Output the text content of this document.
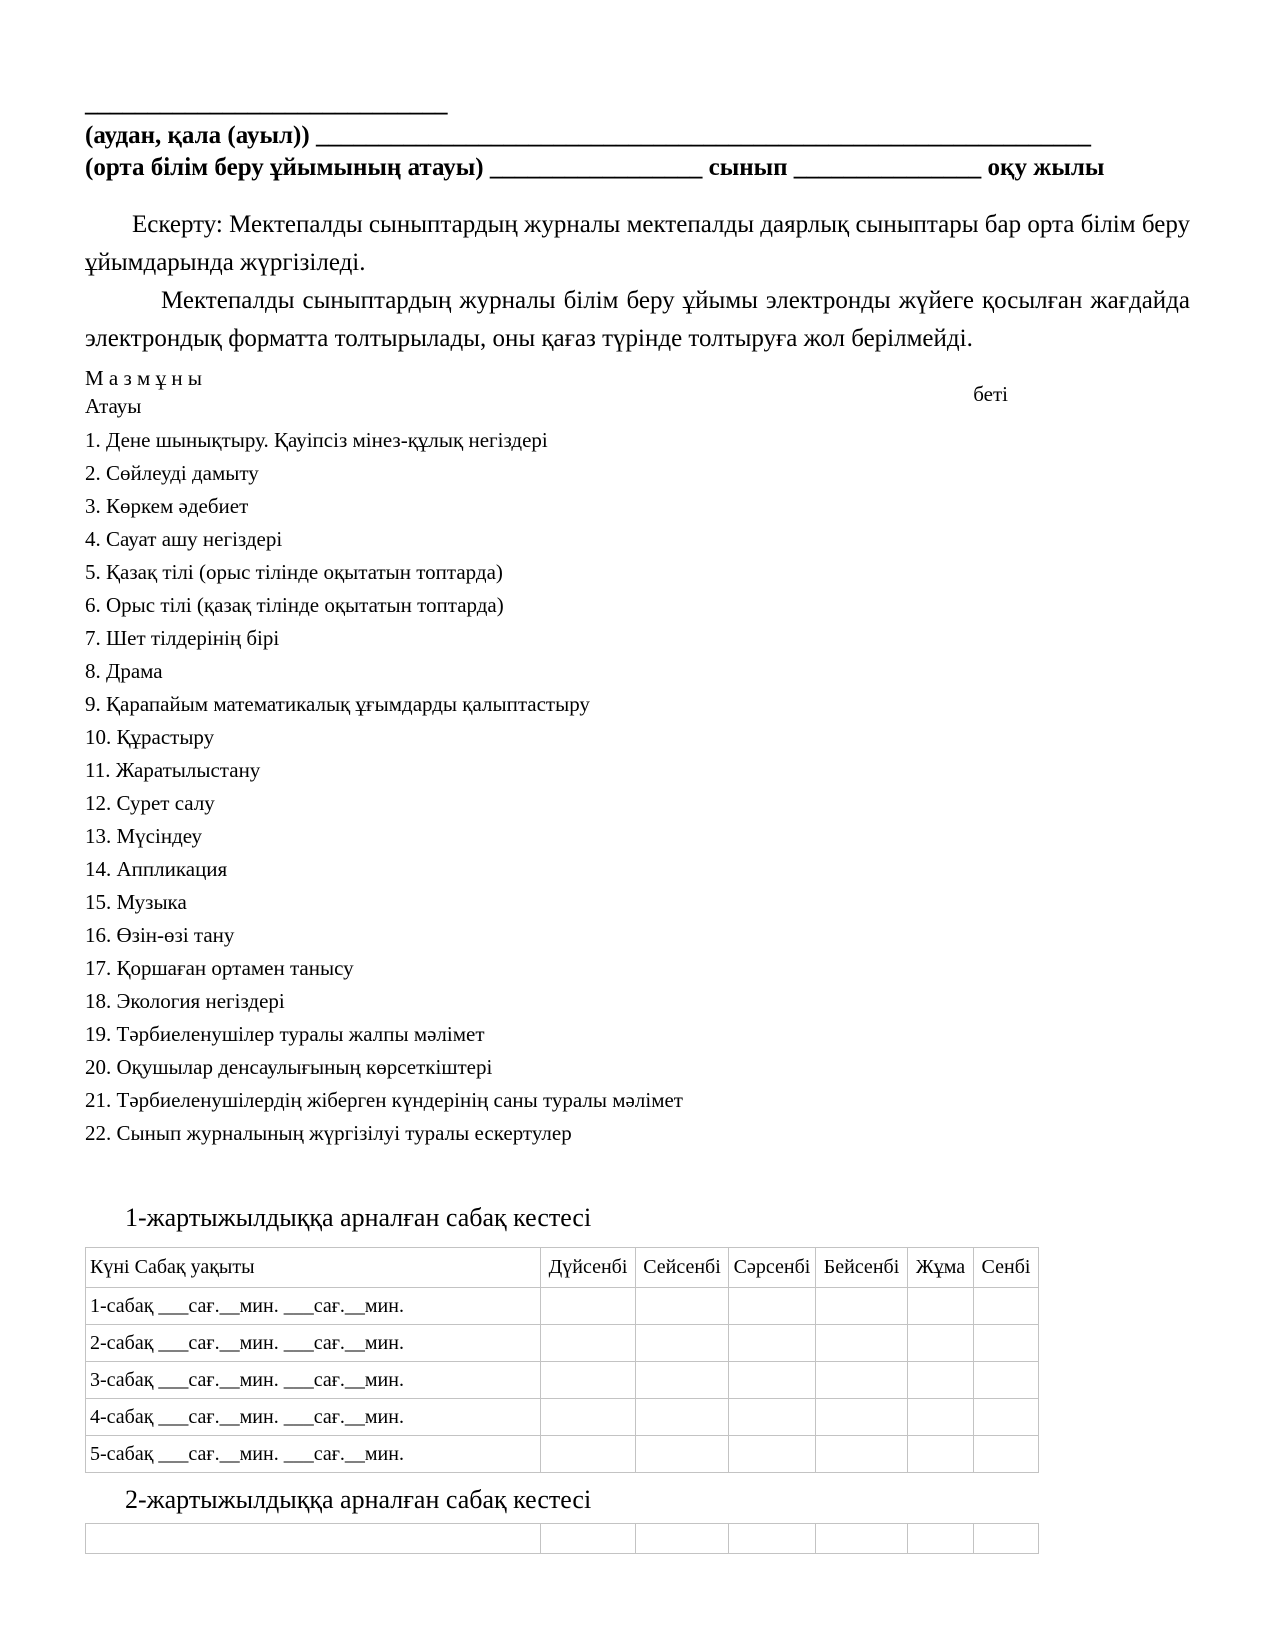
_____________________________
(аудан, қала (ауыл)) ______________________________________________________________
(орта білім беру ұйымының атауы) _________________ сынып _______________ оқу жылы

Ескерту: Мектепалды сыныптардың журналы мектепалды даярлық сыныптары бар орта білім беру ұйымдарында жүргізіледі.

Мектепалды сыныптардың журналы білім беру ұйымы электронды жүйеге қосылған жағдайда электрондық форматта толтырылады, оны қағаз түрінде толтыруға жол берілмейді.

М а з м ұ н ы
Атауы	беті
1. Дене шынықтыру. Қауіпсіз мінез-құлық негіздері
2. Сөйлеуді дамыту
3. Көркем әдебиет
4. Сауат ашу негіздері
5. Қазақ тілі (орыс тілінде оқытатын топтарда)
6. Орыс тілі (қазақ тілінде оқытатын топтарда)
7. Шет тілдерінің бірі
8. Драма
9. Қарапайым математикалық ұғымдарды қалыптастыру
10. Құрастыру
11. Жаратылыстану
12. Сурет салу
13. Мүсіндеу
14. Аппликация
15. Музыка
16. Өзін-өзі тану
17. Қоршаған ортамен танысу
18. Экология негіздері
19. Тәрбиеленушілер туралы жалпы мәлімет
20. Оқушылар денсаулығының көрсеткіштері
21. Тәрбиеленушілердің жіберген күндерінің саны туралы мәлімет
22. Сынып журналының жүргізілуі туралы ескертулер
1-жартыжылдыққа арналған сабақ кестесі
Күні Сабақ уақыты	Дүйсенбі	Сейсенбі	Сәрсенбі	Бейсенбі	Жұма	Сенбі
1-сабақ ___сағ.__мин. ___сағ.__мин.						
2-сабақ ___сағ.__мин. ___сағ.__мин.						
3-сабақ ___сағ.__мин. ___сағ.__мин.						
4-сабақ ___сағ.__мин. ___сағ.__мин.						
5-сабақ ___сағ.__мин. ___сағ.__мин.						
2-жартыжылдыққа арналған сабақ кестесі
